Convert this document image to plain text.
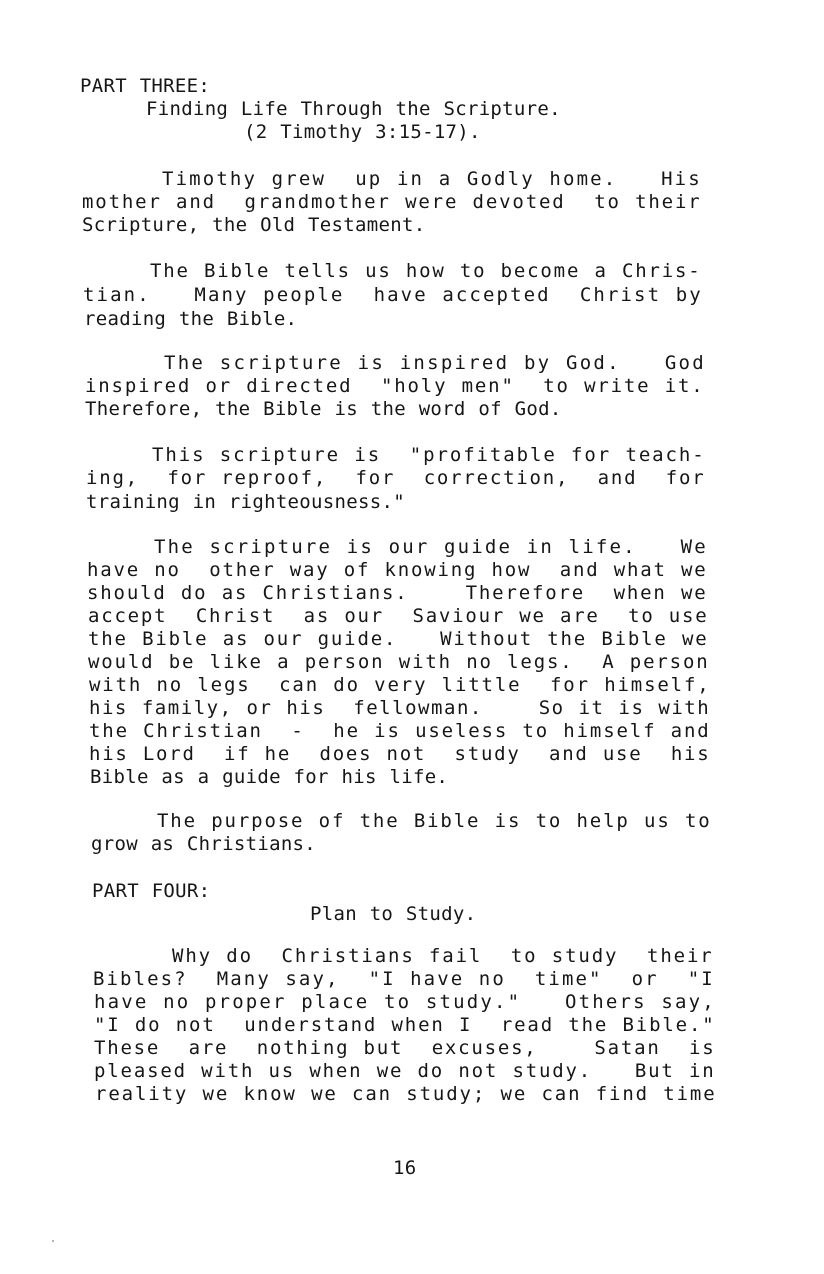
PART THREE:
Finding Life Through the Scripture.
(2 Timothy 3:15-17).
Timothy grew  up in a Godly home.   His
mother and  grandmother were devoted  to their
Scripture, the Old Testament.
The Bible tells us how to become a Chris-
tian.   Many people  have accepted  Christ by
reading the Bible.
The scripture is inspired by God.   God
inspired or directed  "holy men"  to write it.
Therefore, the Bible is the word of God.
This scripture is  "profitable for teach-
ing,  for reproof,  for  correction,  and  for
training in righteousness."
The scripture is our guide in life.   We
have no  other way of knowing how  and what we
should do as Christians.    Therefore  when we
accept  Christ  as our  Saviour we are  to use
the Bible as our guide.   Without the Bible we
would be like a person with no legs.  A person
with no legs  can do very little  for himself,
his family, or his  fellowman.    So it is with
the Christian  -  he is useless to himself and
his Lord  if he  does not  study  and use  his
Bible as a guide for his life.
The purpose of the Bible is to help us to
grow as Christians.
PART FOUR:
Plan to Study.
Why do  Christians fail  to study  their
Bibles?  Many say,  "I have no  time"  or  "I
have no proper place to study."   Others say,
"I do not  understand when I  read the Bible."
These  are  nothing but  excuses,    Satan  is
pleased with us when we do not study.   But in
reality we know we can study; we can find time
16
